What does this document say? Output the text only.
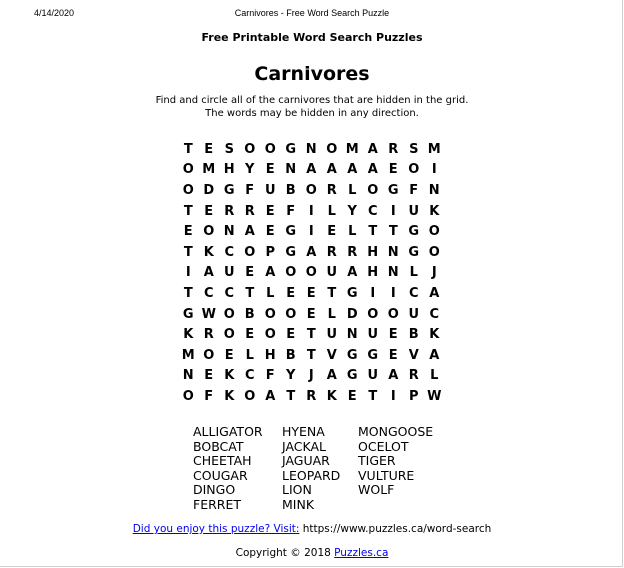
4/14/2020	Carnivores - Free Word Search Puzzle
Free Printable Word Search Puzzles
Carnivores
Find and circle all of the carnivores that are hidden in the grid.
The words may be hidden in any direction.
T E S O O G N O M A R S M
O M H Y E N A A A A E O I
O D G F U B O R L O G F N
T E R R E F	I	L Y C	I U K
E O N A E G I	E L T T G O
T K C O P G A R R H N G O
I	A U E A O O U A H N L	J
T C C T L E E T G I	I	C A
G W O B O O E L D O O U C
K R O E O E T U N U E B K
M O E L H B T V G G E V A
N E K C F Y	J	A G U A R L
O F K O A T R K E T	I	P W
ALLIGATOR
BOBCAT
CHEETAH
COUGAR
DINGO
FERRET
HYENA
JACKAL
JAGUAR
LEOPARD
LION
MINK
MONGOOSE
OCELOT
TIGER
VULTURE
WOLF
Did you enjoy this puzzle? Visit: https://www.puzzles.ca/word-search
Copyright © 2018 Puzzles.ca
